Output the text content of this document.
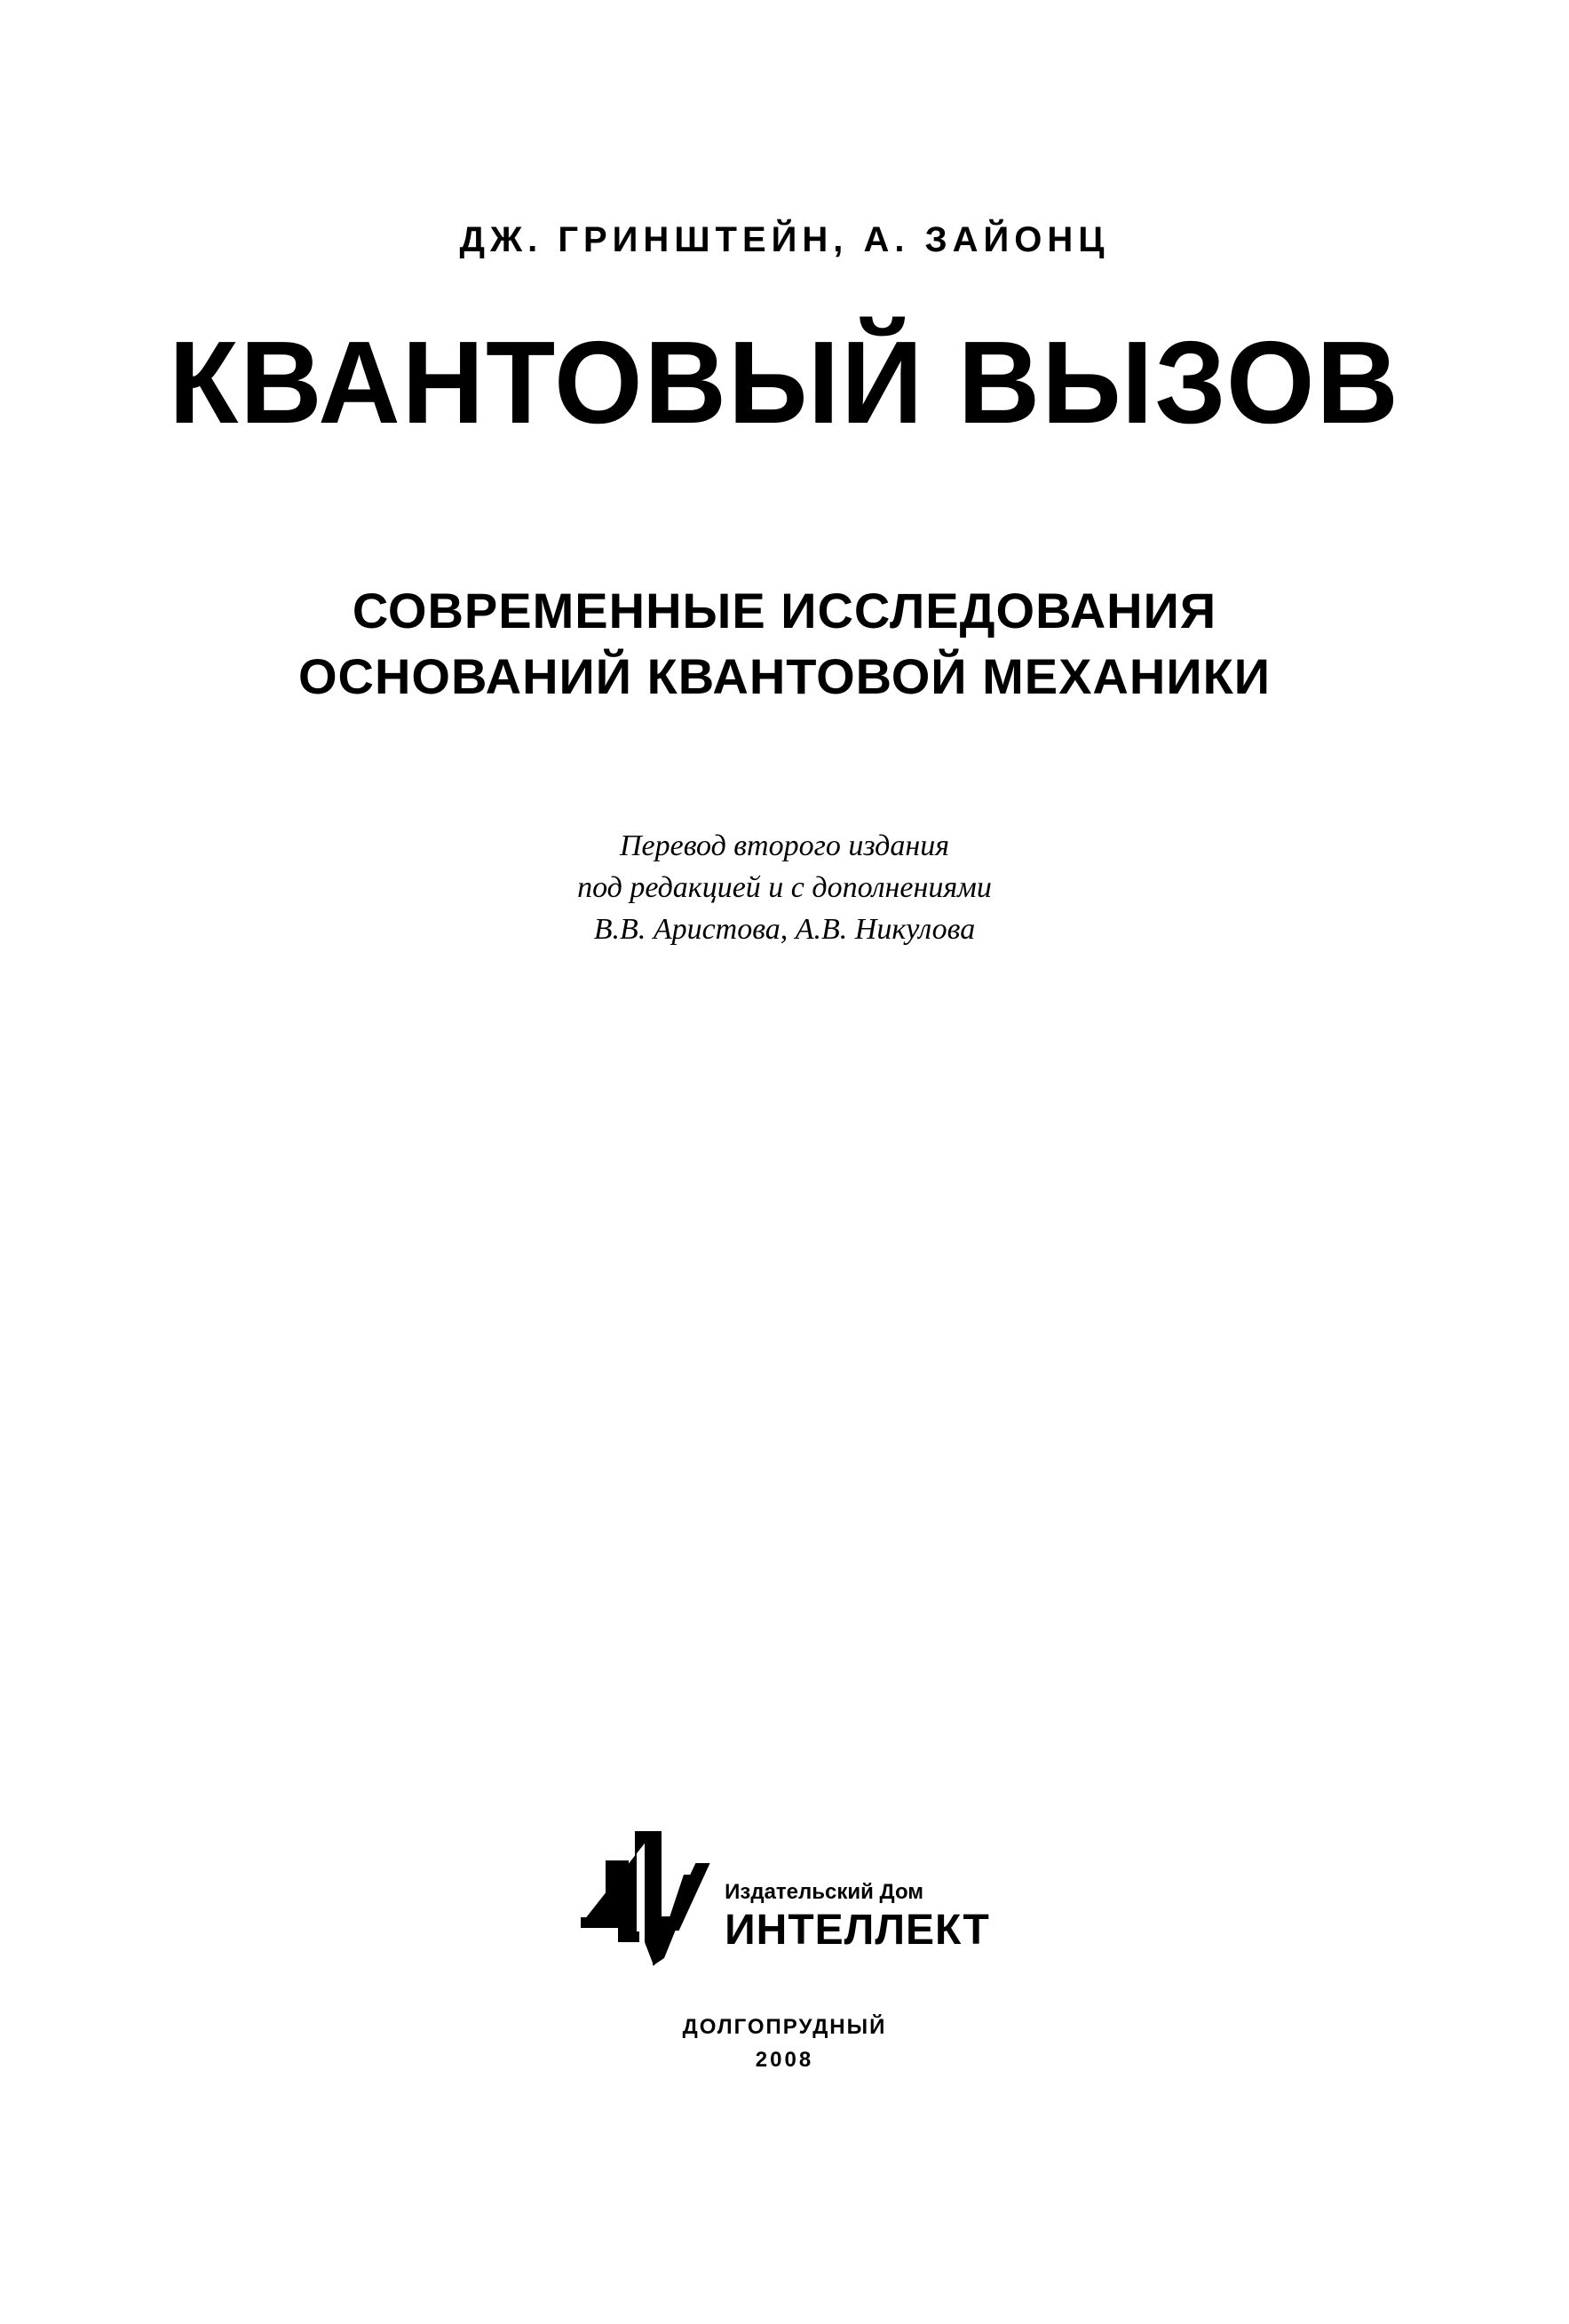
ДЖ. ГРИНШТЕЙН, А. ЗАЙОНЦ
КВАНТОВЫЙ ВЫЗОВ
СОВРЕМЕННЫЕ ИССЛЕДОВАНИЯ
ОСНОВАНИЙ КВАНТОВОЙ МЕХАНИКИ
Перевод второго издания
под редакцией и с дополнениями
В.В. Аристова, А.В. Никулова
Издательский Дом
ИНТЕЛЛЕКТ
ДОЛГОПРУДНЫЙ
2008
